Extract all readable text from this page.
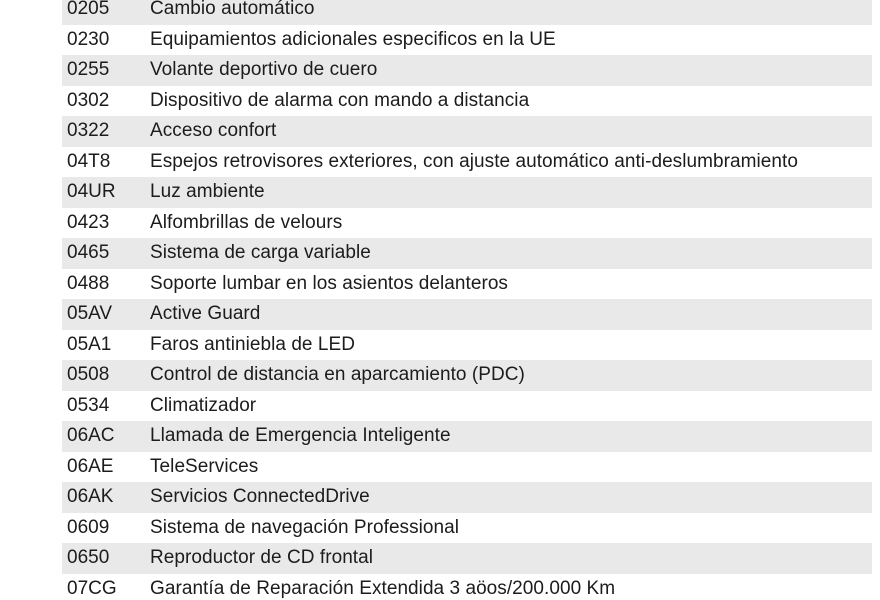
0205	Cambio automático
0230	Equipamientos adicionales especificos en la UE
0255	Volante deportivo de cuero
0302	Dispositivo de alarma con mando a distancia
0322	Acceso confort
04T8	Espejos retrovisores exteriores, con ajuste automático anti-deslumbramiento
04UR	Luz ambiente
0423	Alfombrillas de velours
0465	Sistema de carga variable
0488	Soporte lumbar en los asientos delanteros
05AV	Active Guard
05A1	Faros antiniebla de LED
0508	Control de distancia en aparcamiento (PDC)
0534	Climatizador
06AC	Llamada de Emergencia Inteligente
06AE	TeleServices
06AK	Servicios ConnectedDrive
0609	Sistema de navegación Professional
0650	Reproductor de CD frontal
07CG	Garantía de Reparación Extendida 3 aöos/200.000 Km
